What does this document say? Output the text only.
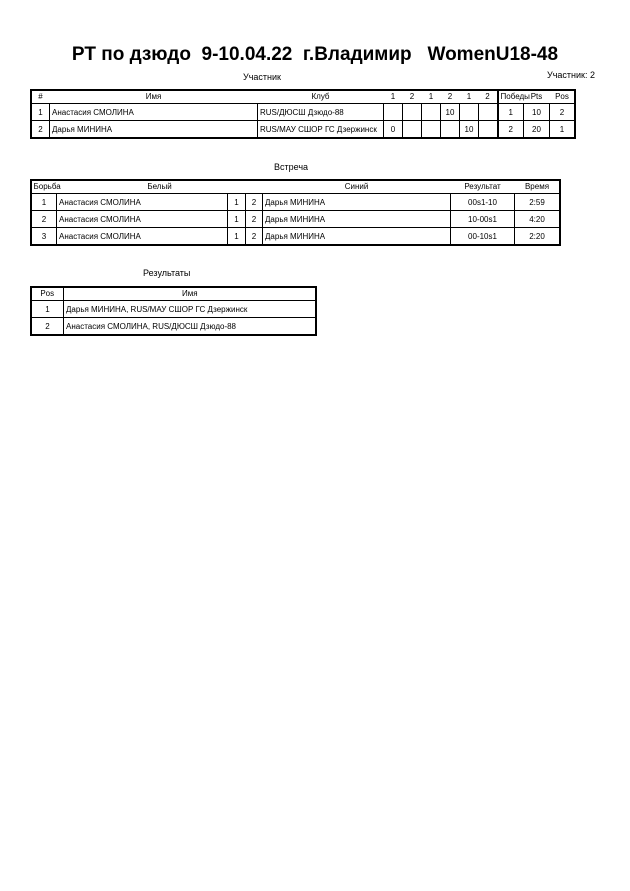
РТ по дзюдо  9-10.04.22  г.Владимир   WomenU18-48
Участник	Участник: 2
#	Имя	Клуб	1	2	1	2	1	2	Победы	Pts	Pos
1	Анастасия СМОЛИНА	RUS/ДЮСШ Дзюдо-88				10			1	10	2
2	Дарья МИНИНА	RUS/МАУ СШОР ГС Дзержинск	0				10		2	20	1
Встреча
Борьба	Белый			Синий	Результат	Время
1	Анастасия СМОЛИНА	1	2	Дарья МИНИНА	00s1-10	2:59
2	Анастасия СМОЛИНА	1	2	Дарья МИНИНА	10-00s1	4:20
3	Анастасия СМОЛИНА	1	2	Дарья МИНИНА	00-10s1	2:20
Результаты
Pos	Имя
1	Дарья МИНИНА, RUS/МАУ СШОР ГС Дзержинск
2	Анастасия СМОЛИНА, RUS/ДЮСШ Дзюдо-88
